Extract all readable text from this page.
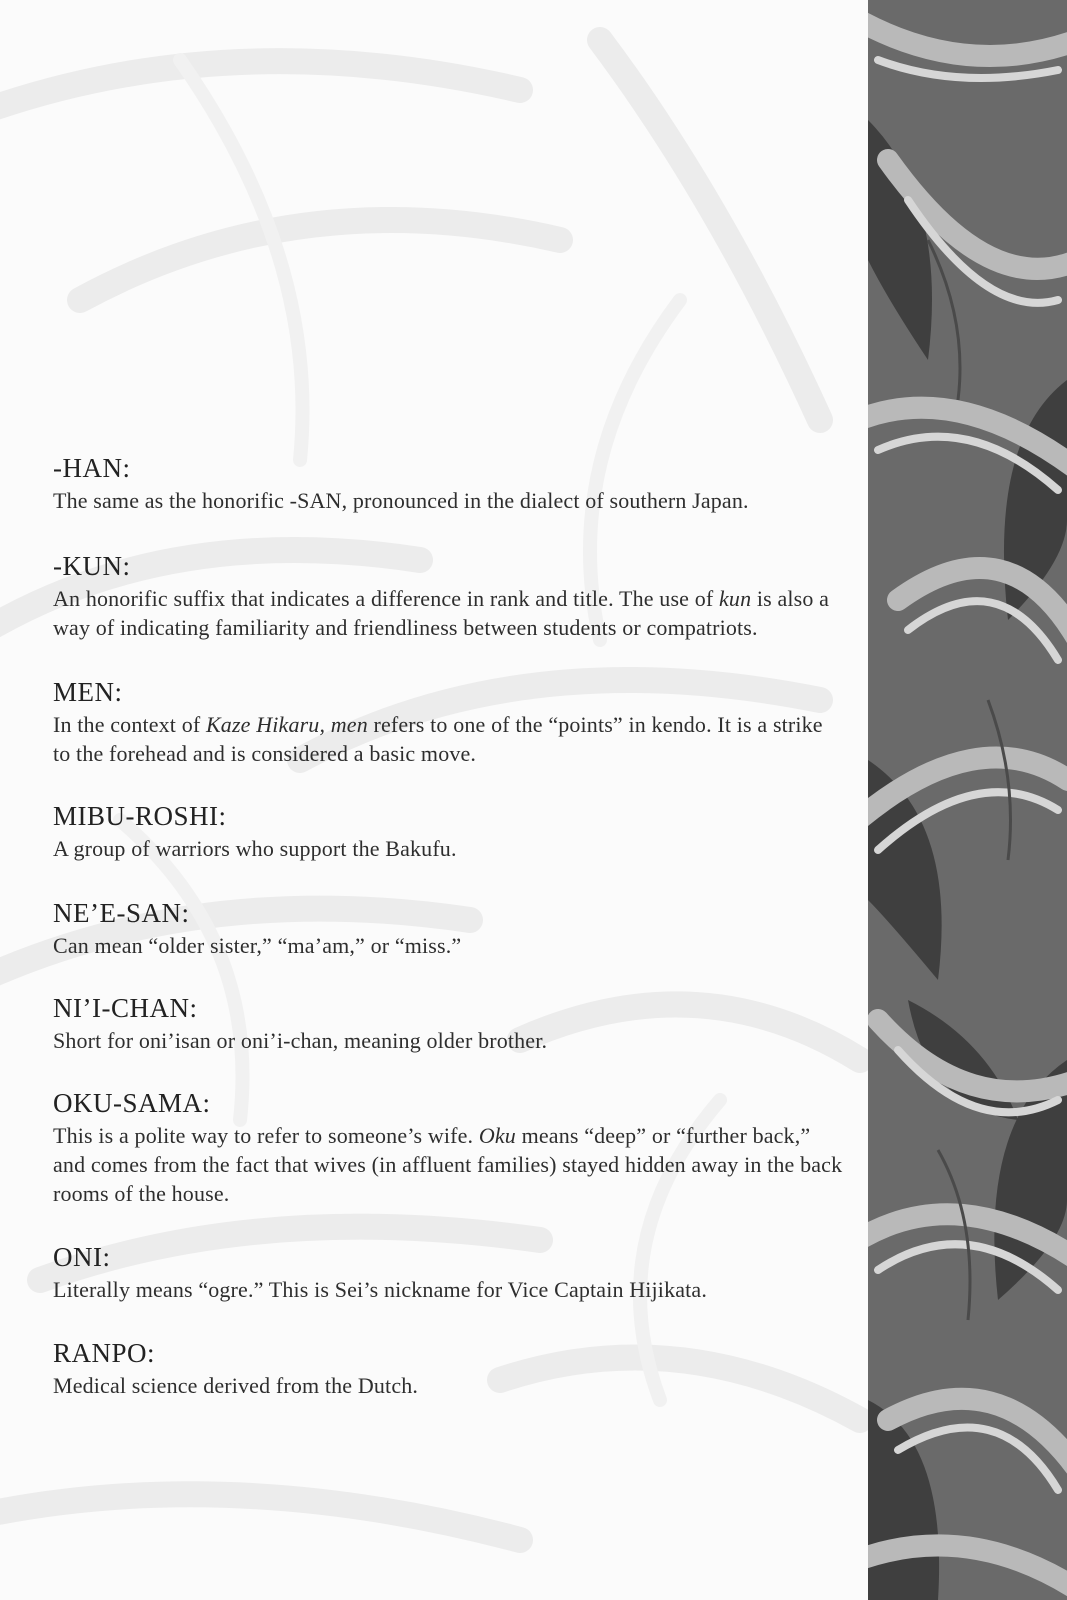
-HAN:

The same as the honorific -SAN, pronounced in the dialect of southern Japan.

-KUN:

An honorific suffix that indicates a difference in rank and title. The use of kun is also a way of indicating familiarity and friendliness between students or compatriots.

MEN:

In the context of Kaze Hikaru, men refers to one of the “points” in kendo. It is a strike to the forehead and is considered a basic move.

MIBU-ROSHI:

A group of warriors who support the Bakufu.

NE’E-SAN:

Can mean “older sister,” “ma’am,” or “miss.”

NI’I-CHAN:

Short for oni’isan or oni’i-chan, meaning older brother.

OKU-SAMA:

This is a polite way to refer to someone’s wife. Oku means “deep” or “further back,” and comes from the fact that wives (in affluent families) stayed hidden away in the back rooms of the house.

ONI:

Literally means “ogre.” This is Sei’s nickname for Vice Captain Hijikata.

RANPO:

Medical science derived from the Dutch.
